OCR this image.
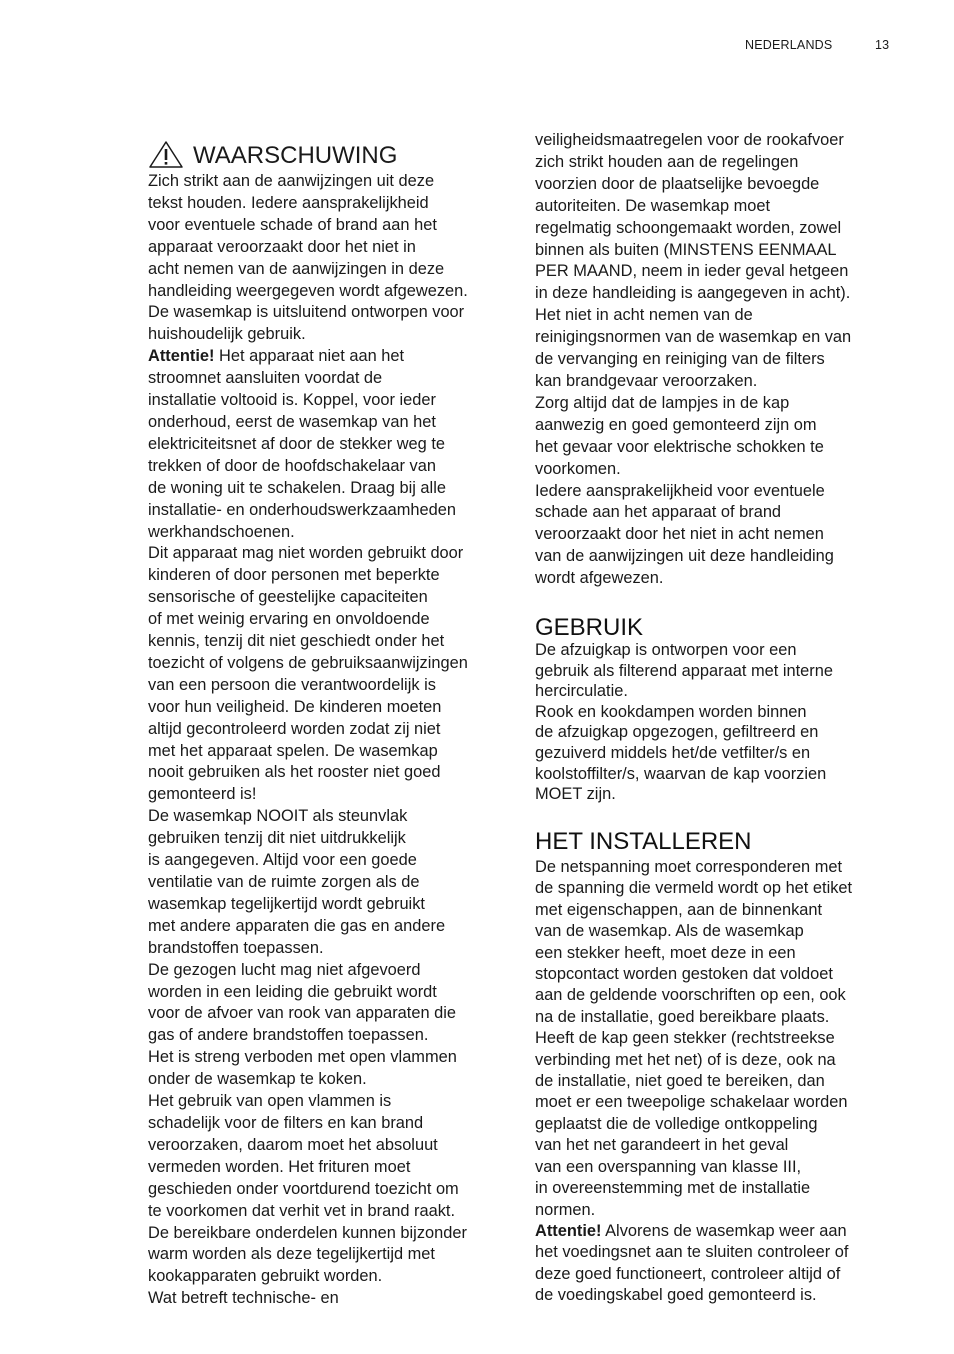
NEDERLANDS	13
WAARSCHUWING
Zich strikt aan de aanwijzingen uit deze
tekst houden. Iedere aansprakelijkheid
voor eventuele schade of brand aan het
apparaat veroorzaakt door het niet in
acht nemen van de aanwijzingen in deze
handleiding weergegeven wordt afgewezen.
De wasemkap is uitsluitend ontworpen voor
huishoudelijk gebruik.
Attentie! Het apparaat niet aan het
stroomnet aansluiten voordat de
installatie voltooid is. Koppel, voor ieder
onderhoud, eerst de wasemkap van het
elektriciteitsnet af door de stekker weg te
trekken of door de hoofdschakelaar van
de woning uit te schakelen. Draag bij alle
installatie- en onderhoudswerkzaamheden
werkhandschoenen.
Dit apparaat mag niet worden gebruikt door
kinderen of door personen met beperkte
sensorische of geestelijke capaciteiten
of met weinig ervaring en onvoldoende
kennis, tenzij dit niet geschiedt onder het
toezicht of volgens de gebruiksaanwijzingen
van een persoon die verantwoordelijk is
voor hun veiligheid. De kinderen moeten
altijd gecontroleerd worden zodat zij niet
met het apparaat spelen. De wasemkap
nooit gebruiken als het rooster niet goed
gemonteerd is!
De wasemkap NOOIT als steunvlak
gebruiken tenzij dit niet uitdrukkelijk
is aangegeven. Altijd voor een goede
ventilatie van de ruimte zorgen als de
wasemkap tegelijkertijd wordt gebruikt
met andere apparaten die gas en andere
brandstoffen toepassen.
De gezogen lucht mag niet afgevoerd
worden in een leiding die gebruikt wordt
voor de afvoer van rook van apparaten die
gas of andere brandstoffen toepassen.
Het is streng verboden met open vlammen
onder de wasemkap te koken.
Het gebruik van open vlammen is
schadelijk voor de filters en kan brand
veroorzaken, daarom moet het absoluut
vermeden worden. Het frituren moet
geschieden onder voortdurend toezicht om
te voorkomen dat verhit vet in brand raakt.
De bereikbare onderdelen kunnen bijzonder
warm worden als deze tegelijkertijd met
kookapparaten gebruikt worden.
Wat betreft technische- en
veiligheidsmaatregelen voor de rookafvoer
zich strikt houden aan de regelingen
voorzien door de plaatselijke bevoegde
autoriteiten. De wasemkap moet
regelmatig schoongemaakt worden, zowel
binnen als buiten (MINSTENS EENMAAL
PER MAAND, neem in ieder geval hetgeen
in deze handleiding is aangegeven in acht).
Het niet in acht nemen van de
reinigingsnormen van de wasemkap en van
de vervanging en reiniging van de filters
kan brandgevaar veroorzaken.
Zorg altijd dat de lampjes in de kap
aanwezig en goed gemonteerd zijn om
het gevaar voor elektrische schokken te
voorkomen.
Iedere aansprakelijkheid voor eventuele
schade aan het apparaat of brand
veroorzaakt door het niet in acht nemen
van de aanwijzingen uit deze handleiding
wordt afgewezen.
GEBRUIK
De afzuigkap is ontworpen voor een
gebruik als filterend apparaat met interne
hercirculatie.
Rook en kookdampen worden binnen
de afzuigkap opgezogen, gefiltreerd en
gezuiverd middels het/de vetfilter/s en
koolstoffilter/s, waarvan de kap voorzien
MOET zijn.
HET INSTALLEREN
De netspanning moet corresponderen met
de spanning die vermeld wordt op het etiket
met eigenschappen, aan de binnenkant
van de wasemkap. Als de wasemkap
een stekker heeft, moet deze in een
stopcontact worden gestoken dat voldoet
aan de geldende voorschriften op een, ook
na de installatie, goed bereikbare plaats.
Heeft de kap geen stekker (rechtstreekse
verbinding met het net) of is deze, ook na
de installatie, niet goed te bereiken, dan
moet er een tweepolige schakelaar worden
geplaatst die de volledige ontkoppeling
van het net garandeert in het geval
van een overspanning van klasse III,
in overeenstemming met de installatie
normen.
Attentie! Alvorens de wasemkap weer aan
het voedingsnet aan te sluiten controleer of
deze goed functioneert, controleer altijd of
de voedingskabel goed gemonteerd is.
